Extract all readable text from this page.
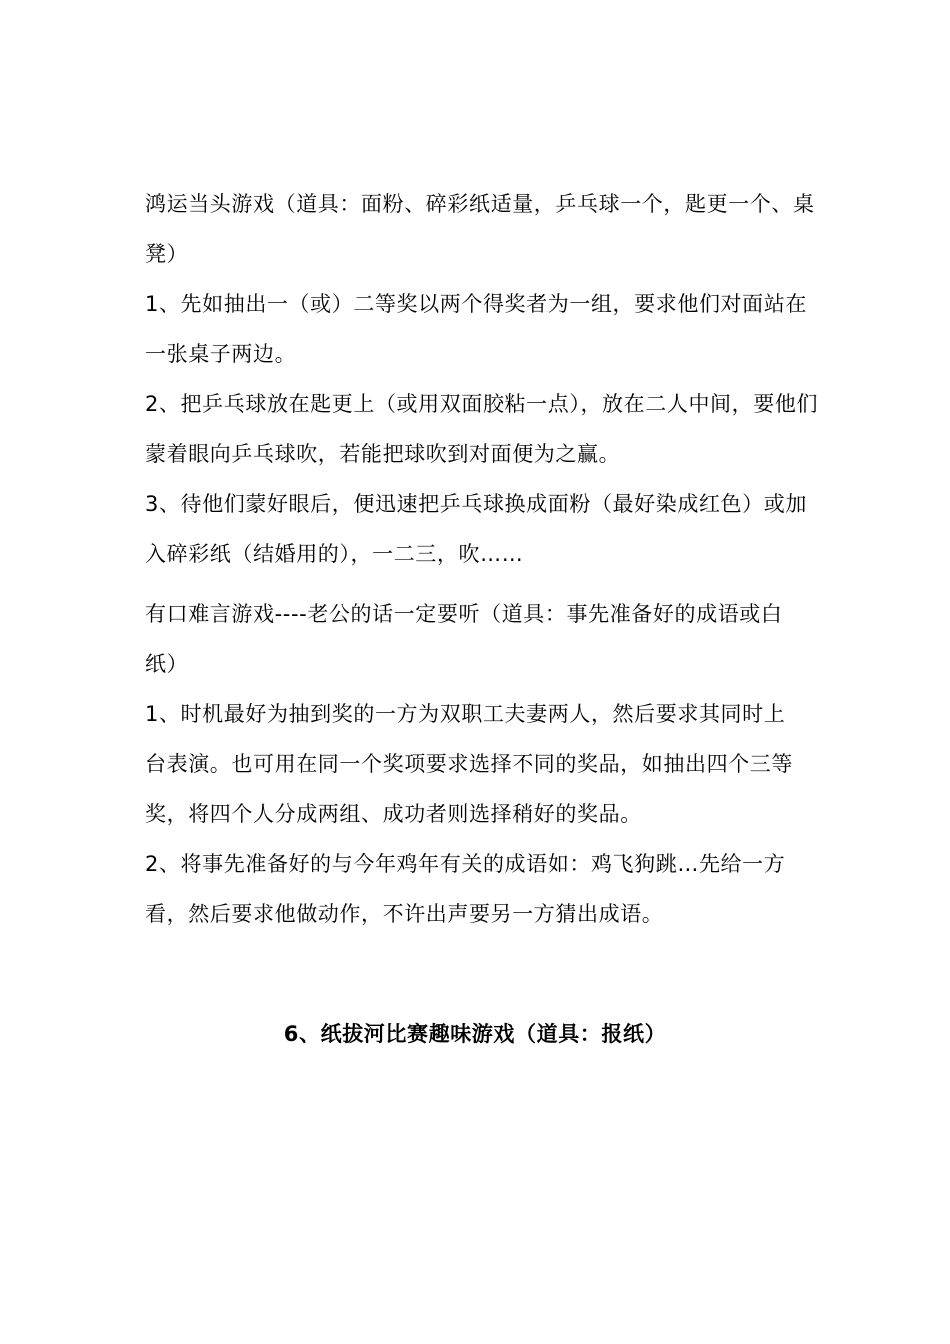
鸿运当头游戏（道具：面粉、碎彩纸适量，乒乓球一个，匙更一个、桌
凳）
1、先如抽出一（或）二等奖以两个得奖者为一组，要求他们对面站在
一张桌子两边。
2、把乒乓球放在匙更上（或用双面胶粘一点），放在二人中间，要他们
蒙着眼向乒乓球吹，若能把球吹到对面便为之赢。
3、待他们蒙好眼后，便迅速把乒乓球换成面粉（最好染成红色）或加
入碎彩纸（结婚用的），一二三，吹……
有口难言游戏----老公的话一定要听（道具：事先准备好的成语或白
纸）
1、时机最好为抽到奖的一方为双职工夫妻两人，然后要求其同时上
台表演。也可用在同一个奖项要求选择不同的奖品，如抽出四个三等
奖，将四个人分成两组、成功者则选择稍好的奖品。
2、将事先准备好的与今年鸡年有关的成语如：鸡飞狗跳…先给一方
看，然后要求他做动作，不许出声要另一方猜出成语。
6、纸拔河比赛趣味游戏（道具：报纸）
